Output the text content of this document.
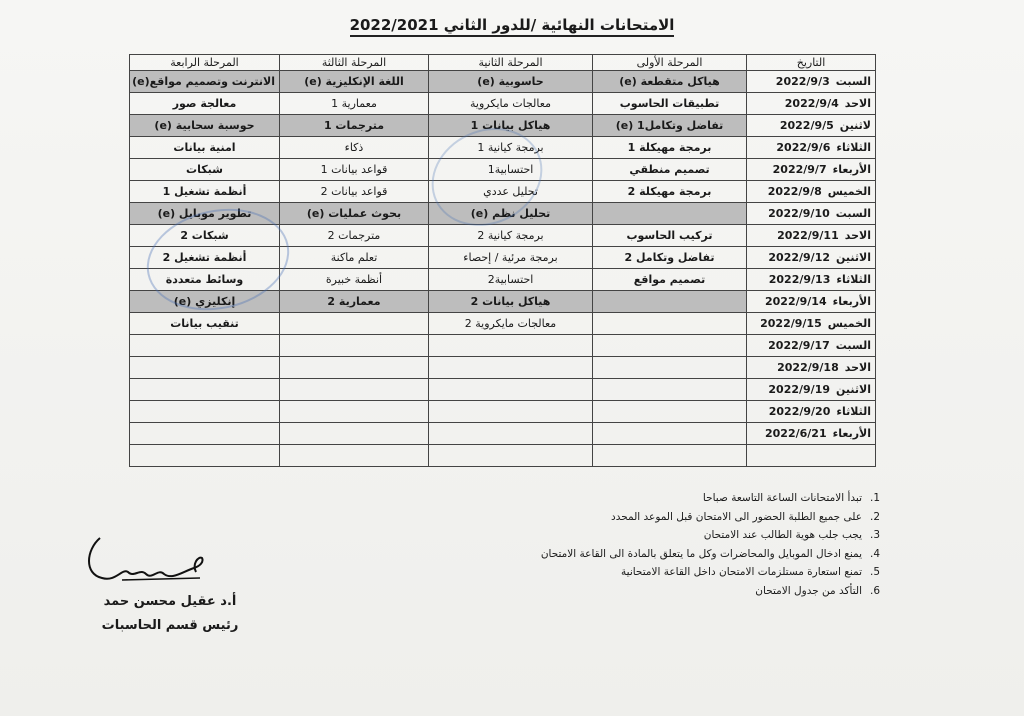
الامتحانات النهائية /للدور الثاني 2022/2021
التاريخ	المرحلة الأولى	المرحلة الثانية	المرحلة الثالثة	المرحلة الرابعة
السبت2022/9/3	هياكل متقطعة (e)	حاسوبية (e)	اللغة الإنكليزية (e)	الانترنت وتصميم مواقع(e)
الاحد2022/9/4	تطبيقات الحاسوب	معالجات مايكروية	معمارية 1	معالجة صور
لاثنين2022/9/5	تفاضل وتكامل1 (e)	هياكل بيانات 1	مترجمات 1	حوسبة سحابية (e)
الثلاثاء2022/9/6	برمجة مهيكلة 1	برمجة كيانية 1	ذكاء	امنية بيانات
الأربعاء2022/9/7	تصميم منطقي	احتسابية1	قواعد بيانات 1	شبكات
الخميس2022/9/8	برمجة مهيكلة 2	تحليل عددي	قواعد بيانات 2	أنظمة تشغيل 1
السبت2022/9/10		تحليل نظم (e)	بحوث عمليات (e)	تطوير موبايل (e)
الاحد2022/9/11	تركيب الحاسوب	برمجة كيانية 2	مترجمات 2	شبكات 2
الاثنين2022/9/12	تفاضل وتكامل 2	برمجة مرئية / إحصاء	تعلم ماكنة	أنظمة تشغيل 2
الثلاثاء2022/9/13	تصميم مواقع	احتسابية2	أنظمة خبيرة	وسائط متعددة
الأربعاء2022/9/14		هياكل بيانات 2	معمارية 2	إنكليزي (e)
الخميس2022/9/15		معالجات مايكروية 2		تنقيب بيانات
السبت2022/9/17				
الاحد2022/9/18				
الاثنين2022/9/19				
الثلاثاء2022/9/20				
الأربعاء2022/6/21				

1.تبدأ الامتحانات الساعة التاسعة صباحا
2.على جميع الطلبة الحضور الى الامتحان قبل الموعد المحدد
3.يجب جلب هوية الطالب عند الامتحان
4.يمنع ادخال الموبايل والمحاضرات وكل ما يتعلق بالمادة الى القاعة الامتحان
5.تمنع استعارة مستلزمات الامتحان داخل القاعة الامتحانية
6.التأكد من جدول الامتحان
أ.د عقيل محسن حمد
رئيس قسم الحاسبات
